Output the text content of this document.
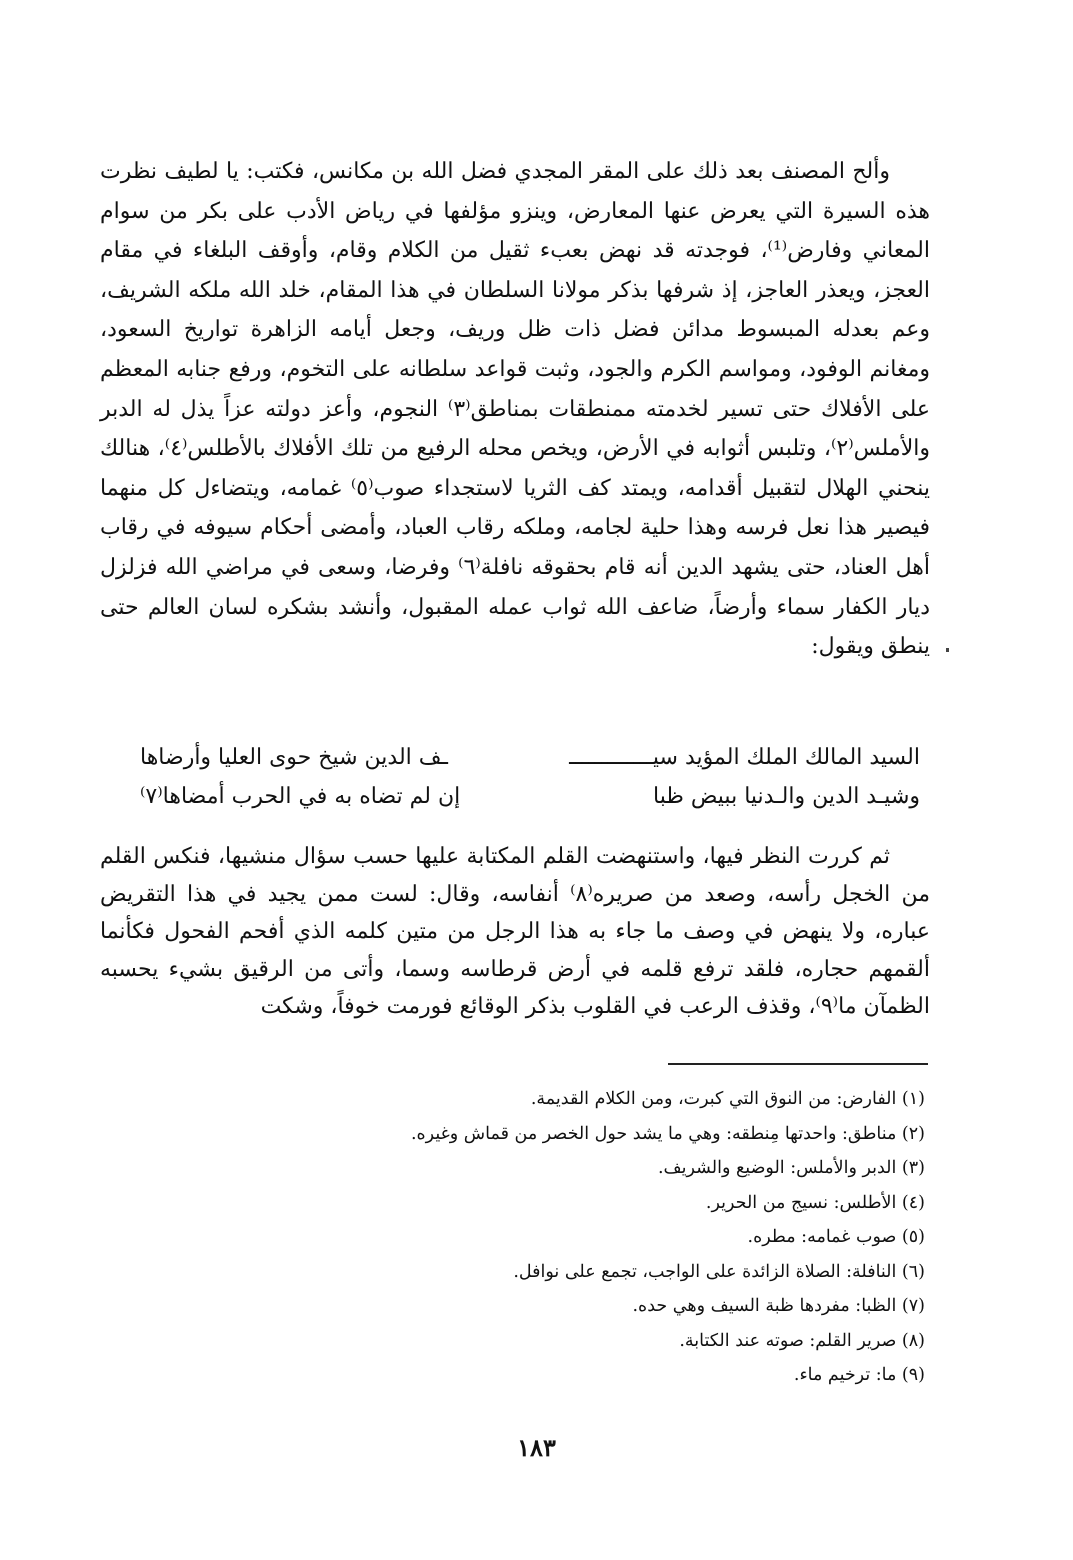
وألح المصنف بعد ذلك على المقر المجدي فضل الله بن مكانس، فكتب: يا لطيف نظرت هذه السيرة التي يعرض عنها المعارض، وينزو مؤلفها في رياض الأدب على بكر من سوام المعاني وفارض⁽¹⁾، فوجدته قد نهض بعبء ثقيل من الكلام وقام، وأوقف البلغاء في مقام العجز، ويعذر العاجز، إذ شرفها بذكر مولانا السلطان في هذا المقام، خلد الله ملكه الشريف، وعم بعدله المبسوط مدائن فضل ذات ظل وريف، وجعل أيامه الزاهرة تواريخ السعود، ومغانم الوفود، ومواسم الكرم والجود، وثبت قواعد سلطانه على التخوم، ورفع جنابه المعظم على الأفلاك حتى تسير لخدمته ممنطقات بمناطق⁽٣⁾ النجوم، وأعز دولته عزاً يذل له الدبر والأملس⁽٢⁾، وتلبس أثوابه في الأرض، ويخص محله الرفيع من تلك الأفلاك بالأطلس⁽٤⁾، هنالك ينحني الهلال لتقبيل أقدامه، ويمتد كف الثريا لاستجداء صوب⁽٥⁾ غمامه، ويتضاءل كل منهما فيصير هذا نعل فرسه وهذا حلية لجامه، وملكه رقاب العباد، وأمضى أحكام سيوفه في رقاب أهل العناد، حتى يشهد الدين أنه قام بحقوقه نافلة⁽٦⁾ وفرضا، وسعى في مراضي الله فزلزل ديار الكفار سماء وأرضاً، ضاعف الله ثواب عمله المقبول، وأنشد بشكره لسان العالم حتى ينطق ويقول:

السيد المالك الملك المؤيد سيـــــــــــــ
ـف الدين شيخ حوى العليا وأرضاها
وشيـد الدين والـدنيا ببيض ظبا
إن لم تضاه به في الحرب أمضاها⁽٧⁾

ثم كررت النظر فيها، واستنهضت القلم المكتابة عليها حسب سؤال منشيها، فنكس القلم من الخجل رأسه، وصعد من صريره⁽٨⁾ أنفاسه، وقال: لست ممن يجيد في هذا التقريض عباره، ولا ينهض في وصف ما جاء به هذا الرجل من متين كلمه الذي أفحم الفحول فكأنما ألقمهم حجاره، فلقد ترفع قلمه في أرض قرطاسه وسما، وأتى من الرقيق بشيء يحسبه الظمآن ما⁽٩⁾، وقذف الرعب في القلوب بذكر الوقائع فورمت خوفاً، وشكت

(١) الفارض: من النوق التي كبرت، ومن الكلام القديمة.
(٢) مناطق: واحدتها مِنطقه: وهي ما يشد حول الخصر من قماش وغيره.
(٣) الدبر والأملس: الوضيع والشريف.
(٤) الأطلس: نسيج من الحرير.
(٥) صوب غمامه: مطره.
(٦) النافلة: الصلاة الزائدة على الواجب، تجمع على نوافل.
(٧) الظبا: مفردها ظبة السيف وهي حده.
(٨) صرير القلم: صوته عند الكتابة.
(٩) ما: ترخيم ماء.
١٨٣
